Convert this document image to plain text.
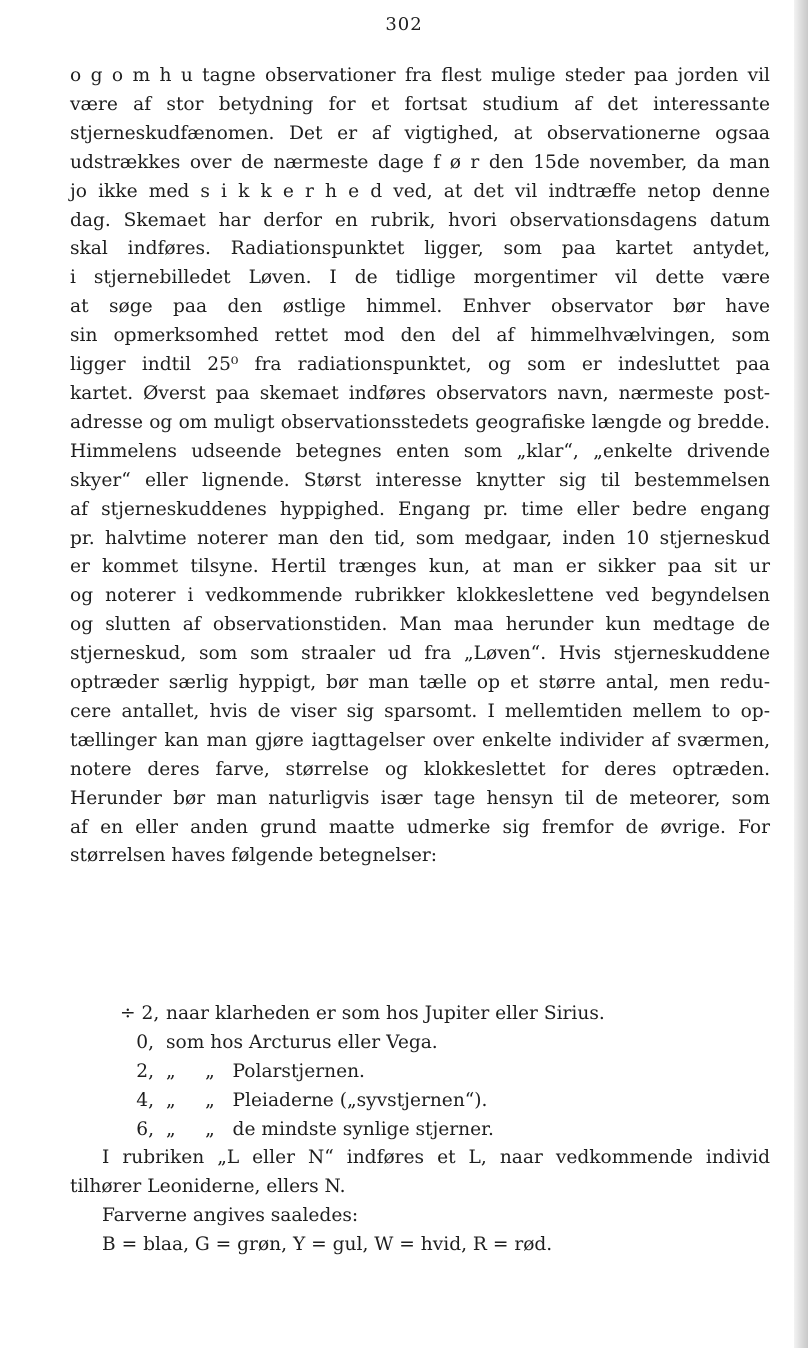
302
o g o m h u tagne observationer fra flest mulige steder paa jorden vil
være af stor betydning for et fortsat studium af det interessante
stjerneskudfænomen. Det er af vigtighed, at observationerne ogsaa
udstrækkes over de nærmeste dage f ø r den 15de november, da man
jo ikke med s i k k e r h e d ved, at det vil indtræffe netop denne
dag. Skemaet har derfor en rubrik, hvori observationsdagens datum
skal indføres. Radiationspunktet ligger, som paa kartet antydet,
i stjernebilledet Løven. I de tidlige morgentimer vil dette være
at søge paa den østlige himmel. Enhver observator bør have
sin opmerksomhed rettet mod den del af himmelhvælvingen, som
ligger indtil 25⁰ fra radiationspunktet, og som er indesluttet paa
kartet. Øverst paa skemaet indføres observators navn, nærmeste post-
adresse og om muligt observationsstedets geografiske længde og bredde.
Himmelens udseende betegnes enten som „klar“, „enkelte drivende
skyer“ eller lignende. Størst interesse knytter sig til bestemmelsen
af stjerneskuddenes hyppighed. Engang pr. time eller bedre engang
pr. halvtime noterer man den tid, som medgaar, inden 10 stjerneskud
er kommet tilsyne. Hertil trænges kun, at man er sikker paa sit ur
og noterer i vedkommende rubrikker klokkeslettene ved begyndelsen
og slutten af observationstiden. Man maa herunder kun medtage de
stjerneskud, som som straaler ud fra „Løven“. Hvis stjerneskuddene
optræder særlig hyppigt, bør man tælle op et større antal, men redu-
cere antallet, hvis de viser sig sparsomt. I mellemtiden mellem to op-
tællinger kan man gjøre iagttagelser over enkelte individer af sværmen,
notere deres farve, størrelse og klokkeslettet for deres optræden.
Herunder bør man naturligvis især tage hensyn til de meteorer, som
af en eller anden grund maatte udmerke sig fremfor de øvrige. For
størrelsen haves følgende betegnelser:
÷ 2, naar klarheden er som hos Jupiter eller Sirius.
0, som hos Arcturus eller Vega.
2, „     „   Polarstjernen.
4, „     „   Pleiaderne („syvstjernen“).
6, „     „   de mindste synlige stjerner.
I rubriken „L eller N“ indføres et L, naar vedkommende individ
tilhører Leoniderne, ellers N.
Farverne angives saaledes:
B = blaa, G = grøn, Y = gul, W = hvid, R = rød.
